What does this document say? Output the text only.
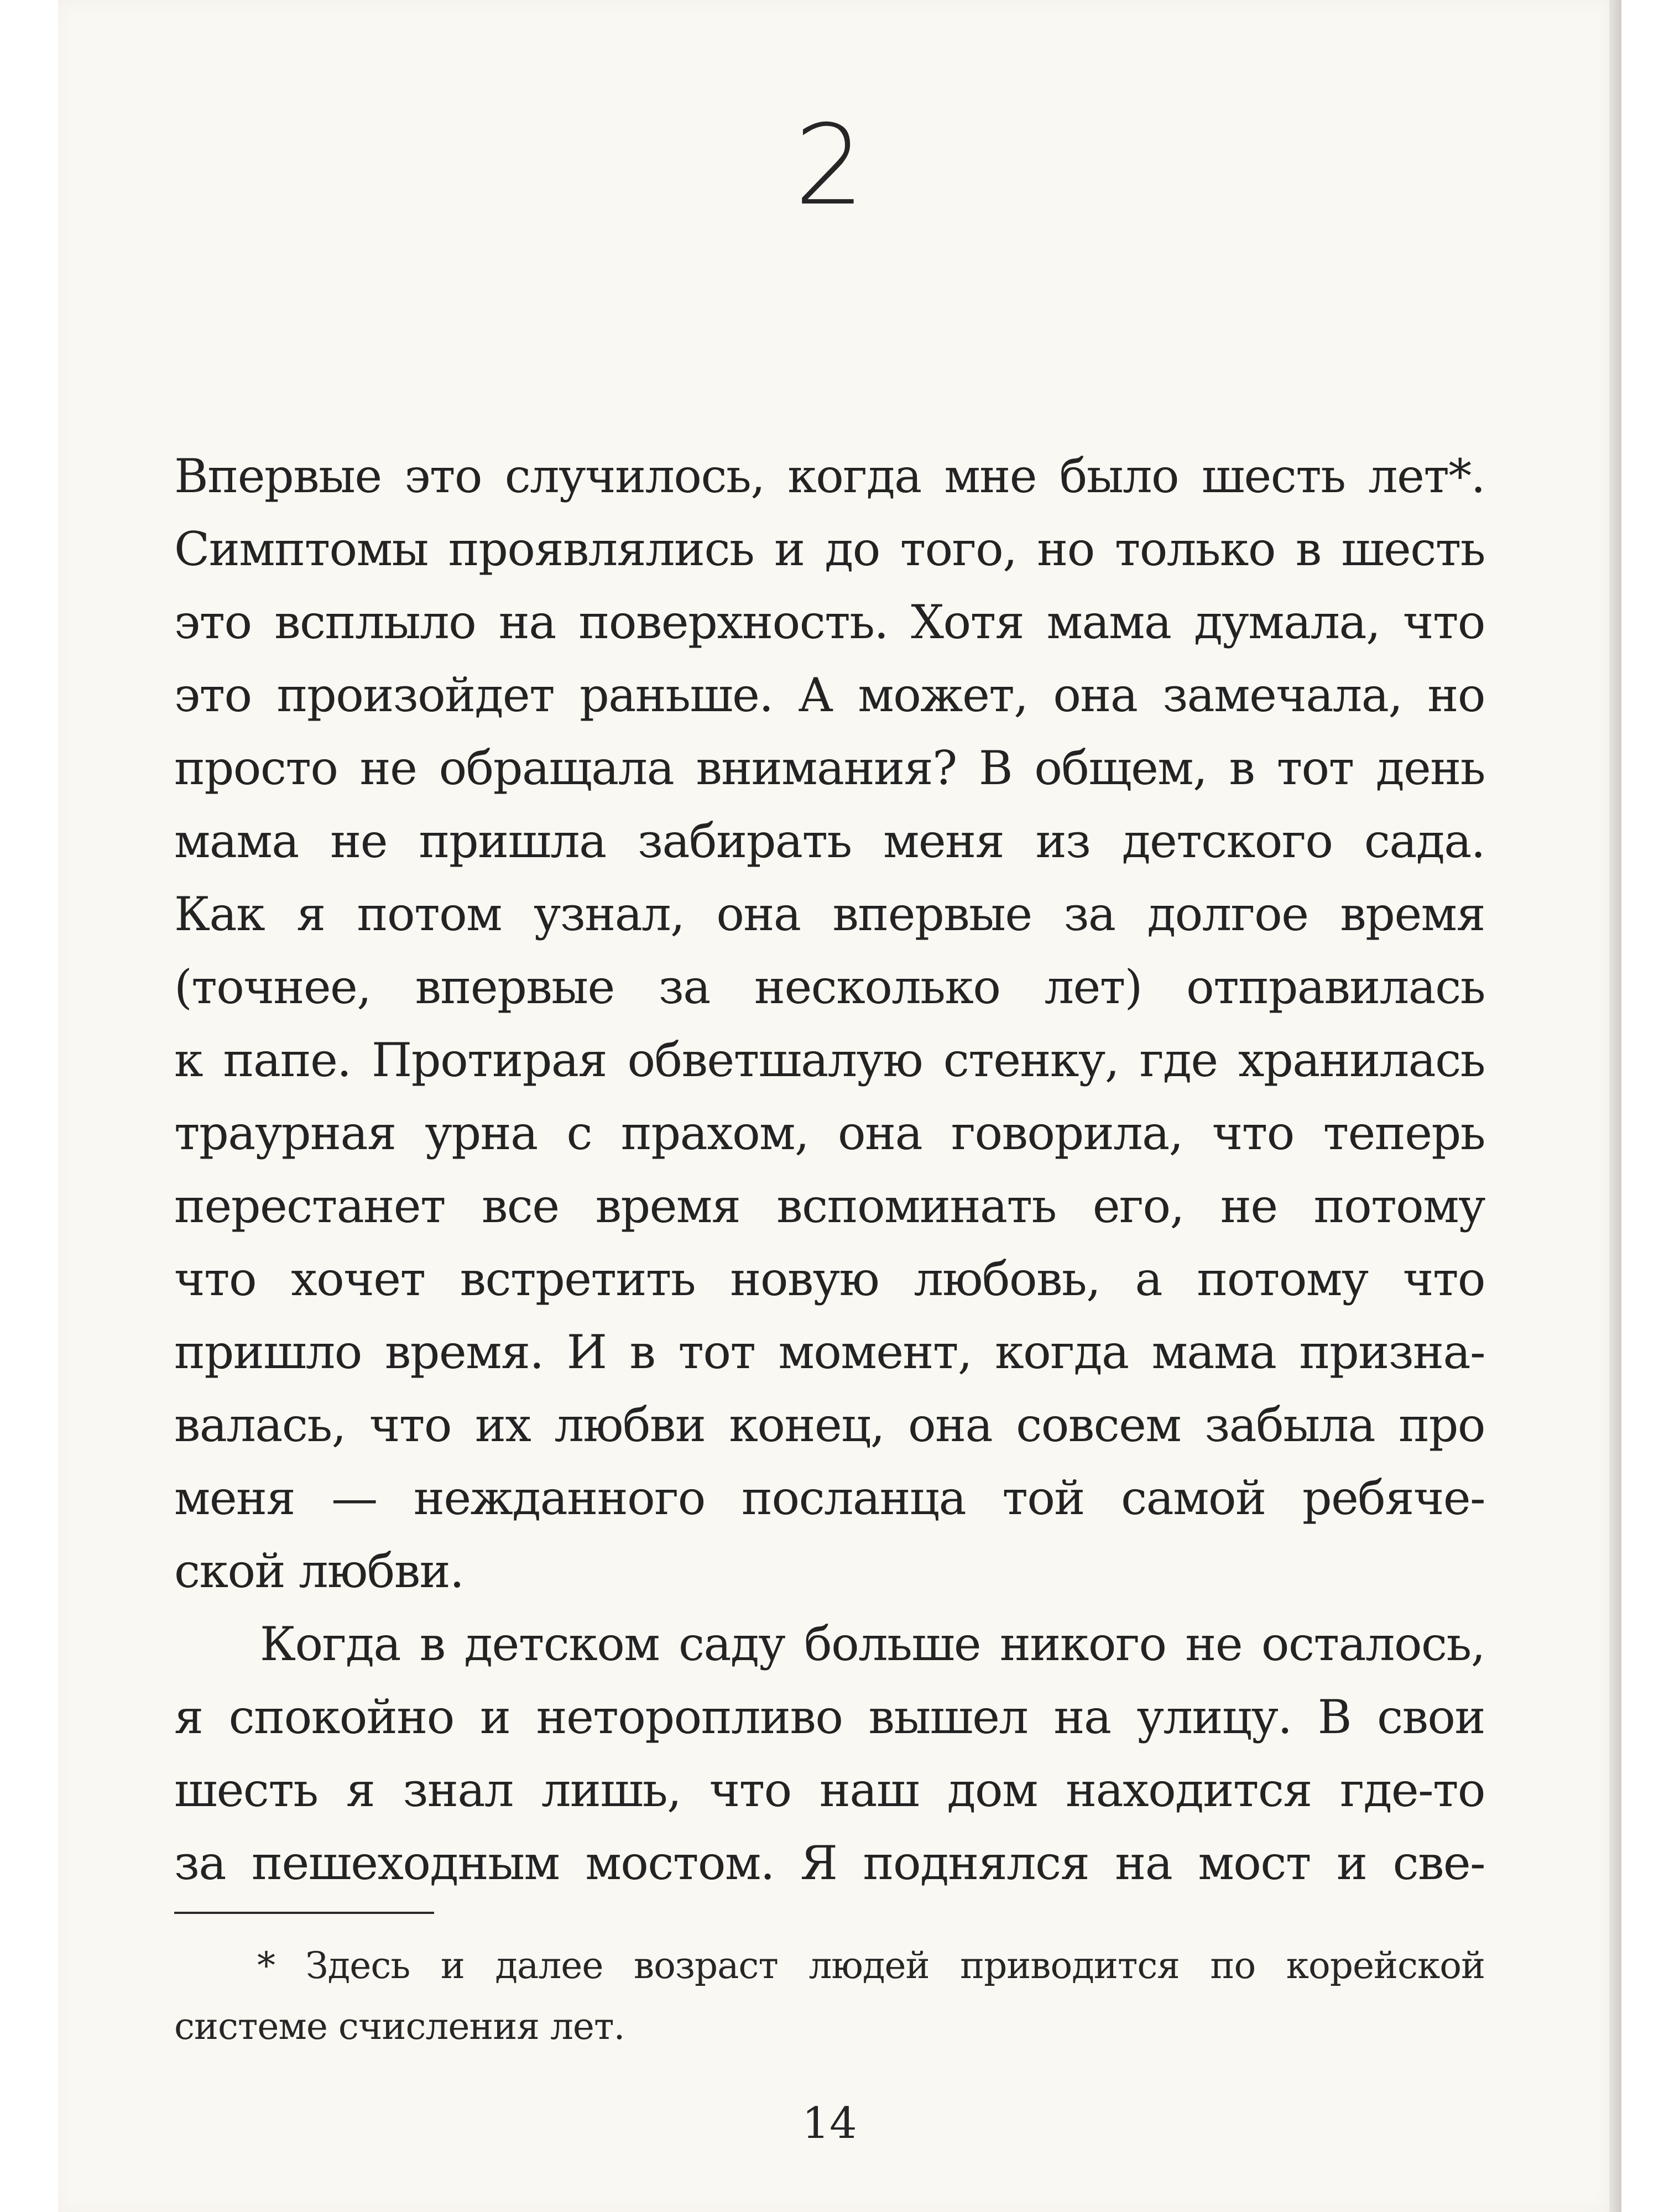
2
Впервые это случилось, когда мне было шесть лет*.
Симптомы проявлялись и до того, но только в шесть
это всплыло на поверхность. Хотя мама думала, что
это произойдет раньше. А может, она замечала, но
просто не обращала внимания? В общем, в тот день
мама не пришла забирать меня из детского сада.
Как я потом узнал, она впервые за долгое время
(точнее, впервые за несколько лет) отправилась
к папе. Протирая обветшалую стенку, где хранилась
траурная урна с прахом, она говорила, что теперь
перестанет все время вспоминать его, не потому
что хочет встретить новую любовь, а потому что
пришло время. И в тот момент, когда мама призна-
валась, что их любви конец, она совсем забыла про
меня — нежданного посланца той самой ребяче-
ской любви.
Когда в детском саду больше никого не осталось,
я спокойно и неторопливо вышел на улицу. В свои
шесть я знал лишь, что наш дом находится где-то
за пешеходным мостом. Я поднялся на мост и све-
* Здесь и далее возраст людей приводится по корейской
системе счисления лет.
14
